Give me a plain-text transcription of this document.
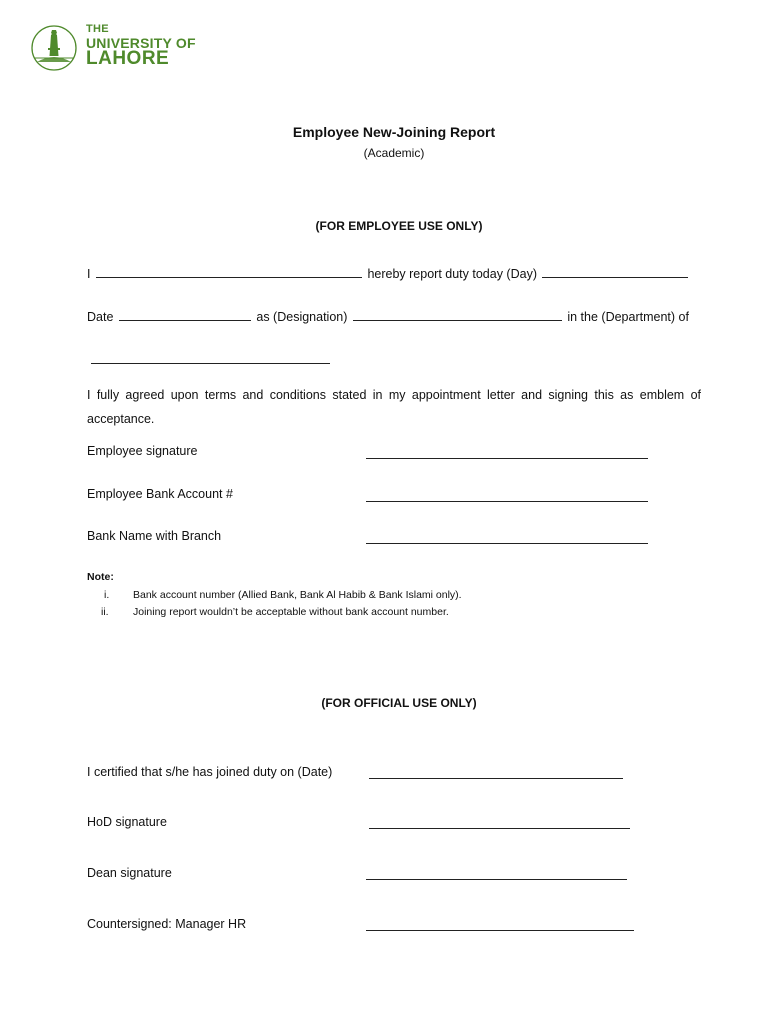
THE
UNIVERSITY OF
LAHORE
Employee New-Joining Report
(Academic)
(FOR EMPLOYEE USE ONLY)
I	hereby report duty today (Day)
Date	as (Designation)	in the (Department) of
I fully agreed upon terms and conditions stated in my appointment letter and signing this as emblem of acceptance.
Employee signature
Employee Bank Account #
Bank Name with Branch
Note:
i. Bank account number (Allied Bank, Bank Al Habib & Bank Islami only).
ii. Joining report wouldn’t be acceptable without bank account number.
(FOR OFFICIAL USE ONLY)
I certified that s/he has joined duty on (Date)
HoD signature
Dean signature
Countersigned: Manager HR
